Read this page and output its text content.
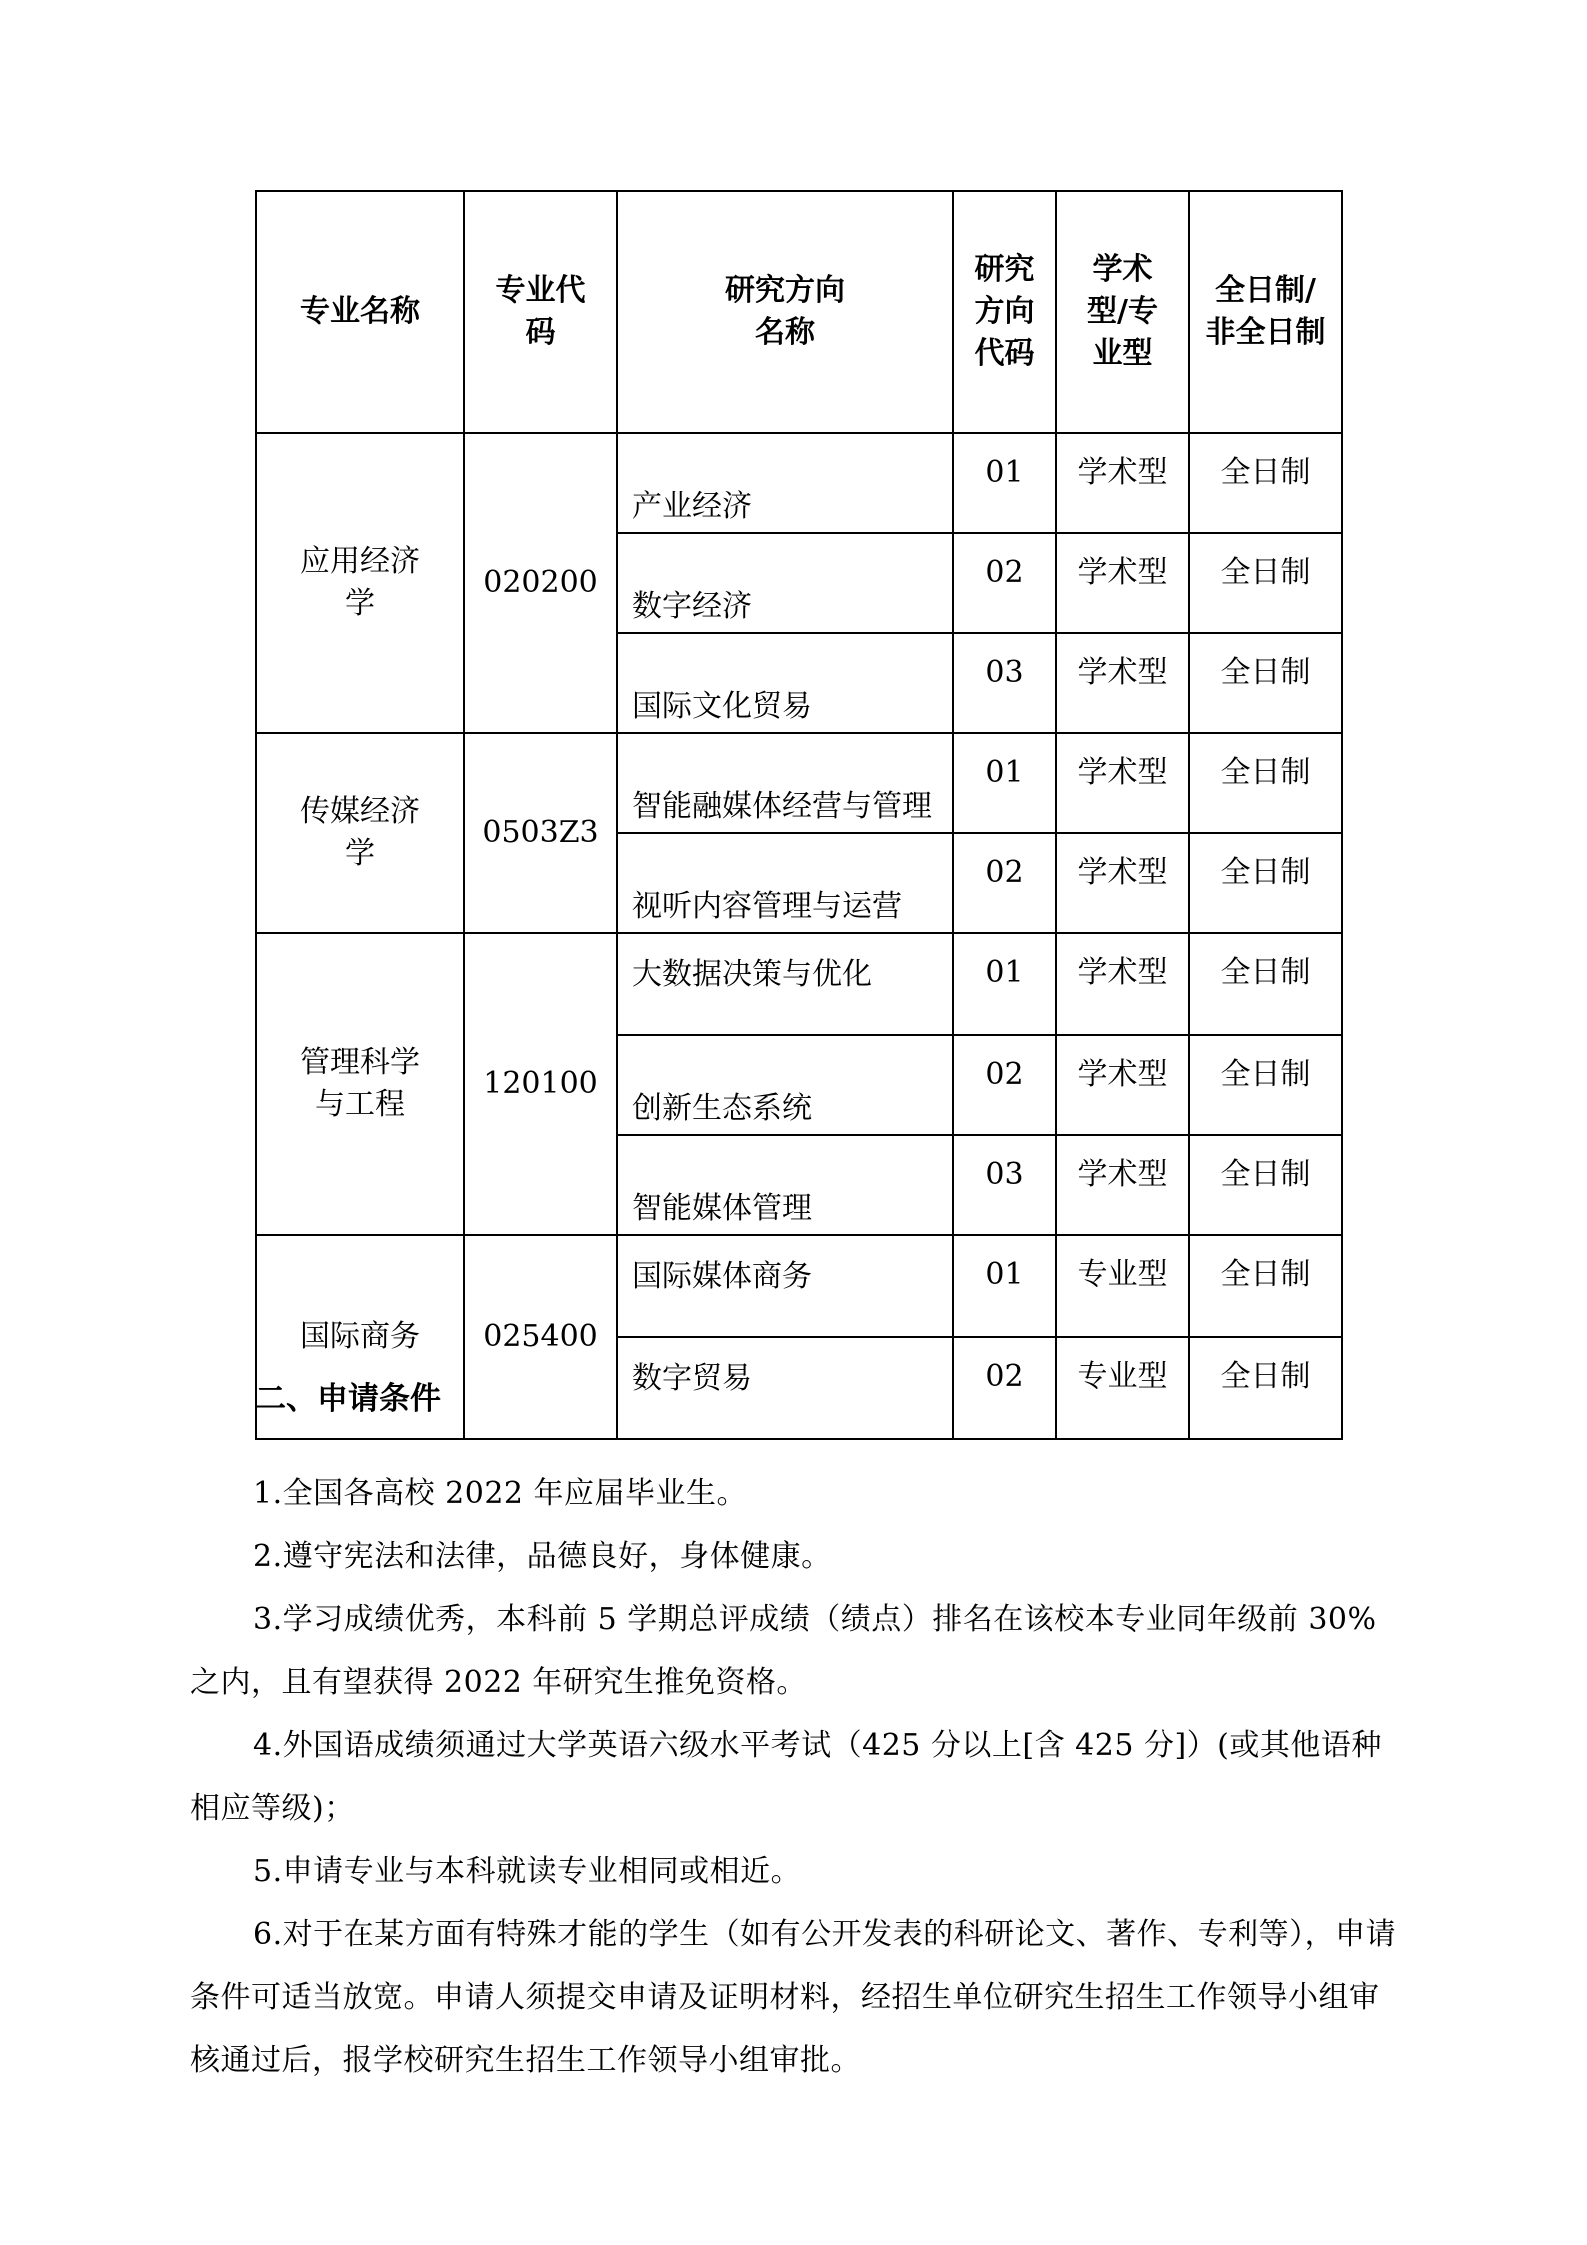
专业名称	专业代码	研究方向名称	研究方向代码	学术型/专业型	全日制/非全日制

应用经济学	020200	产业经济	01	学术型	全日制
		数字经济	02	学术型	全日制
		国际文化贸易	03	学术型	全日制

传媒经济学	0503Z3	智能融媒体经营与管理	01	学术型	全日制
		视听内容管理与运营	02	学术型	全日制

管理科学与工程	120100	大数据决策与优化	01	学术型	全日制
		创新生态系统	02	学术型	全日制
		智能媒体管理	03	学术型	全日制

国际商务	025400	国际媒体商务	01	专业型	全日制
		数字贸易	02	专业型	全日制
二、申请条件
1.全国各高校 2022 年应届毕业生。
2.遵守宪法和法律，品德良好，身体健康。
3.学习成绩优秀，本科前 5 学期总评成绩（绩点）排名在该校本专业同年级前 30%之内，且有望获得 2022 年研究生推免资格。
4.外国语成绩须通过大学英语六级水平考试（425 分以上[含 425 分]）(或其他语种相应等级)；
5.申请专业与本科就读专业相同或相近。
6.对于在某方面有特殊才能的学生（如有公开发表的科研论文、著作、专利等），申请条件可适当放宽。申请人须提交申请及证明材料，经招生单位研究生招生工作领导小组审核通过后，报学校研究生招生工作领导小组审批。
